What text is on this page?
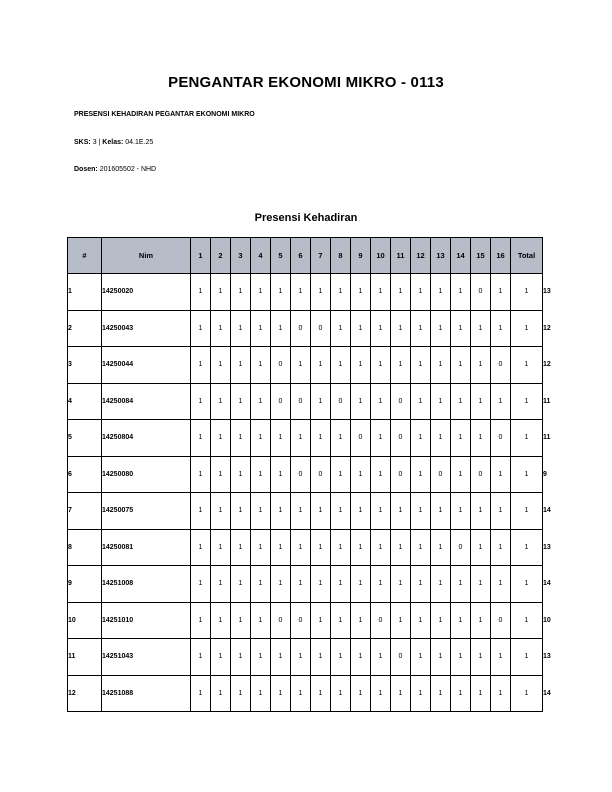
PENGANTAR EKONOMI MIKRO - 0113
PRESENSI KEHADIRAN PEGANTAR EKONOMI MIKRO
SKS: 3 | Kelas: 04.1E.25
Dosen: 201605502 - NHD
Presensi Kehadiran
#	Nim	1	2	3	4	5	6	7	8	9	10	11	12	13	14	15	16	Total	
1	14250020	1	1	1	1	1	1	1	1	1	1	1	1	1	1	0	1	1	13
2	14250043	1	1	1	1	1	0	0	1	1	1	1	1	1	1	1	1	1	12
3	14250044	1	1	1	1	0	1	1	1	1	1	1	1	1	1	1	0	1	12
4	14250084	1	1	1	1	0	0	1	0	1	1	0	1	1	1	1	1	1	11
5	14250804	1	1	1	1	1	1	1	1	0	1	0	1	1	1	1	0	1	11
6	14250080	1	1	1	1	1	0	0	1	1	1	0	1	0	1	0	1	1	9
7	14250075	1	1	1	1	1	1	1	1	1	1	1	1	1	1	1	1	1	14
8	14250081	1	1	1	1	1	1	1	1	1	1	1	1	1	0	1	1	1	13
9	14251008	1	1	1	1	1	1	1	1	1	1	1	1	1	1	1	1	1	14
10	14251010	1	1	1	1	0	0	1	1	1	0	1	1	1	1	1	0	1	10
11	14251043	1	1	1	1	1	1	1	1	1	1	0	1	1	1	1	1	1	13
12	14251088	1	1	1	1	1	1	1	1	1	1	1	1	1	1	1	1	1	14
